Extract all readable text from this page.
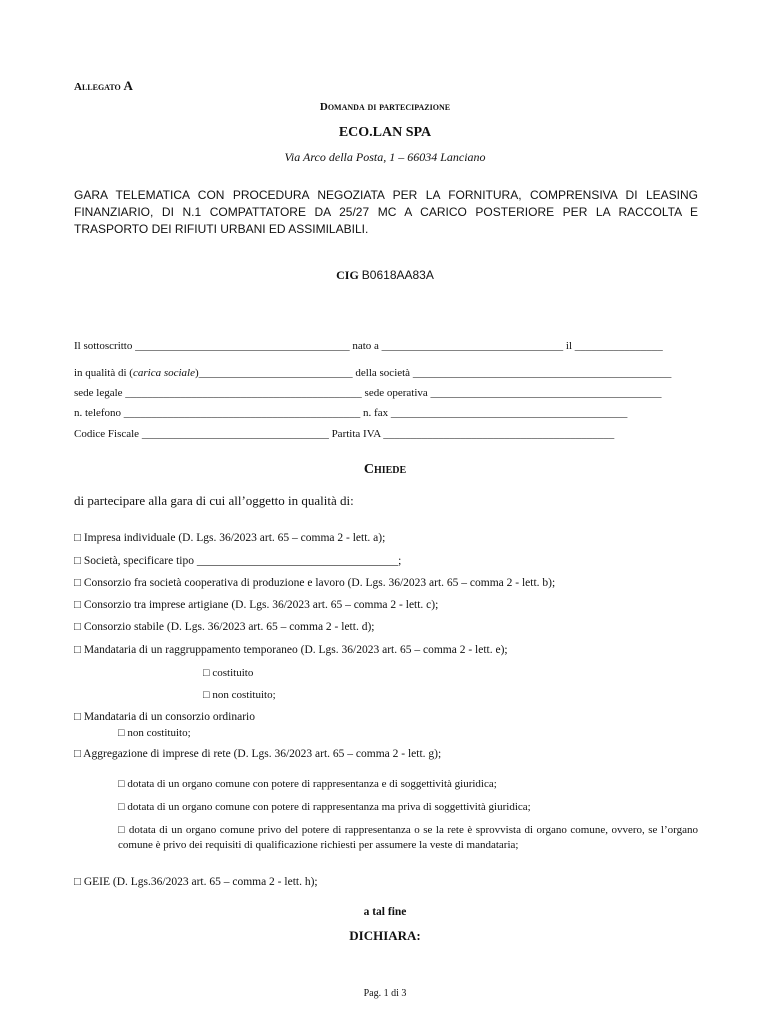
Allegato A
Domanda di partecipazione
ECO.LAN SPA
Via Arco della Posta, 1 – 66034 Lanciano
GARA TELEMATICA CON PROCEDURA NEGOZIATA PER LA FORNITURA, COMPRENSIVA DI LEASING FINANZIARIO, DI N.1 COMPATTATORE DA 25/27 MC A CARICO POSTERIORE PER LA RACCOLTA E TRASPORTO DEI RIFIUTI URBANI ED ASSIMILABILI.
CIG B0618AA83A
Il sottoscritto _______________________________________ nato a _________________________________ il ________________
in qualità di (carica sociale)____________________________ della società _______________________________________________
sede legale ___________________________________________ sede operativa __________________________________________
n. telefono ___________________________________________ n. fax ___________________________________________
Codice Fiscale __________________________________ Partita IVA __________________________________________
Chiede
di partecipare alla gara di cui all’oggetto in qualità di:
□ Impresa individuale (D. Lgs. 36/2023 art. 65 – comma 2 - lett. a);
□ Società, specificare tipo ___________________________________;
□ Consorzio fra società cooperativa di produzione e lavoro (D. Lgs. 36/2023 art. 65 – comma 2 - lett. b);
□ Consorzio tra imprese artigiane (D. Lgs. 36/2023 art. 65 – comma 2 - lett. c);
□ Consorzio stabile (D. Lgs. 36/2023 art. 65 – comma 2 - lett. d);
□ Mandataria di un raggruppamento temporaneo (D. Lgs. 36/2023 art. 65 – comma 2 - lett. e);
□ costituito
□ non costituito;
□ Mandataria di un consorzio ordinario
□ non costituito;
□ Aggregazione di imprese di rete (D. Lgs. 36/2023 art. 65 – comma 2 - lett. g);
□ dotata di un organo comune con potere di rappresentanza e di soggettività giuridica;
□ dotata di un organo comune con potere di rappresentanza ma priva di soggettività giuridica;
□ dotata di un organo comune privo del potere di rappresentanza o se la rete è sprovvista di organo comune, ovvero, se l’organo comune è privo dei requisiti di qualificazione richiesti per assumere la veste di mandataria;
□ GEIE (D. Lgs.36/2023 art. 65 – comma 2 - lett. h);
a tal fine
DICHIARA:
Pag. 1 di 3
